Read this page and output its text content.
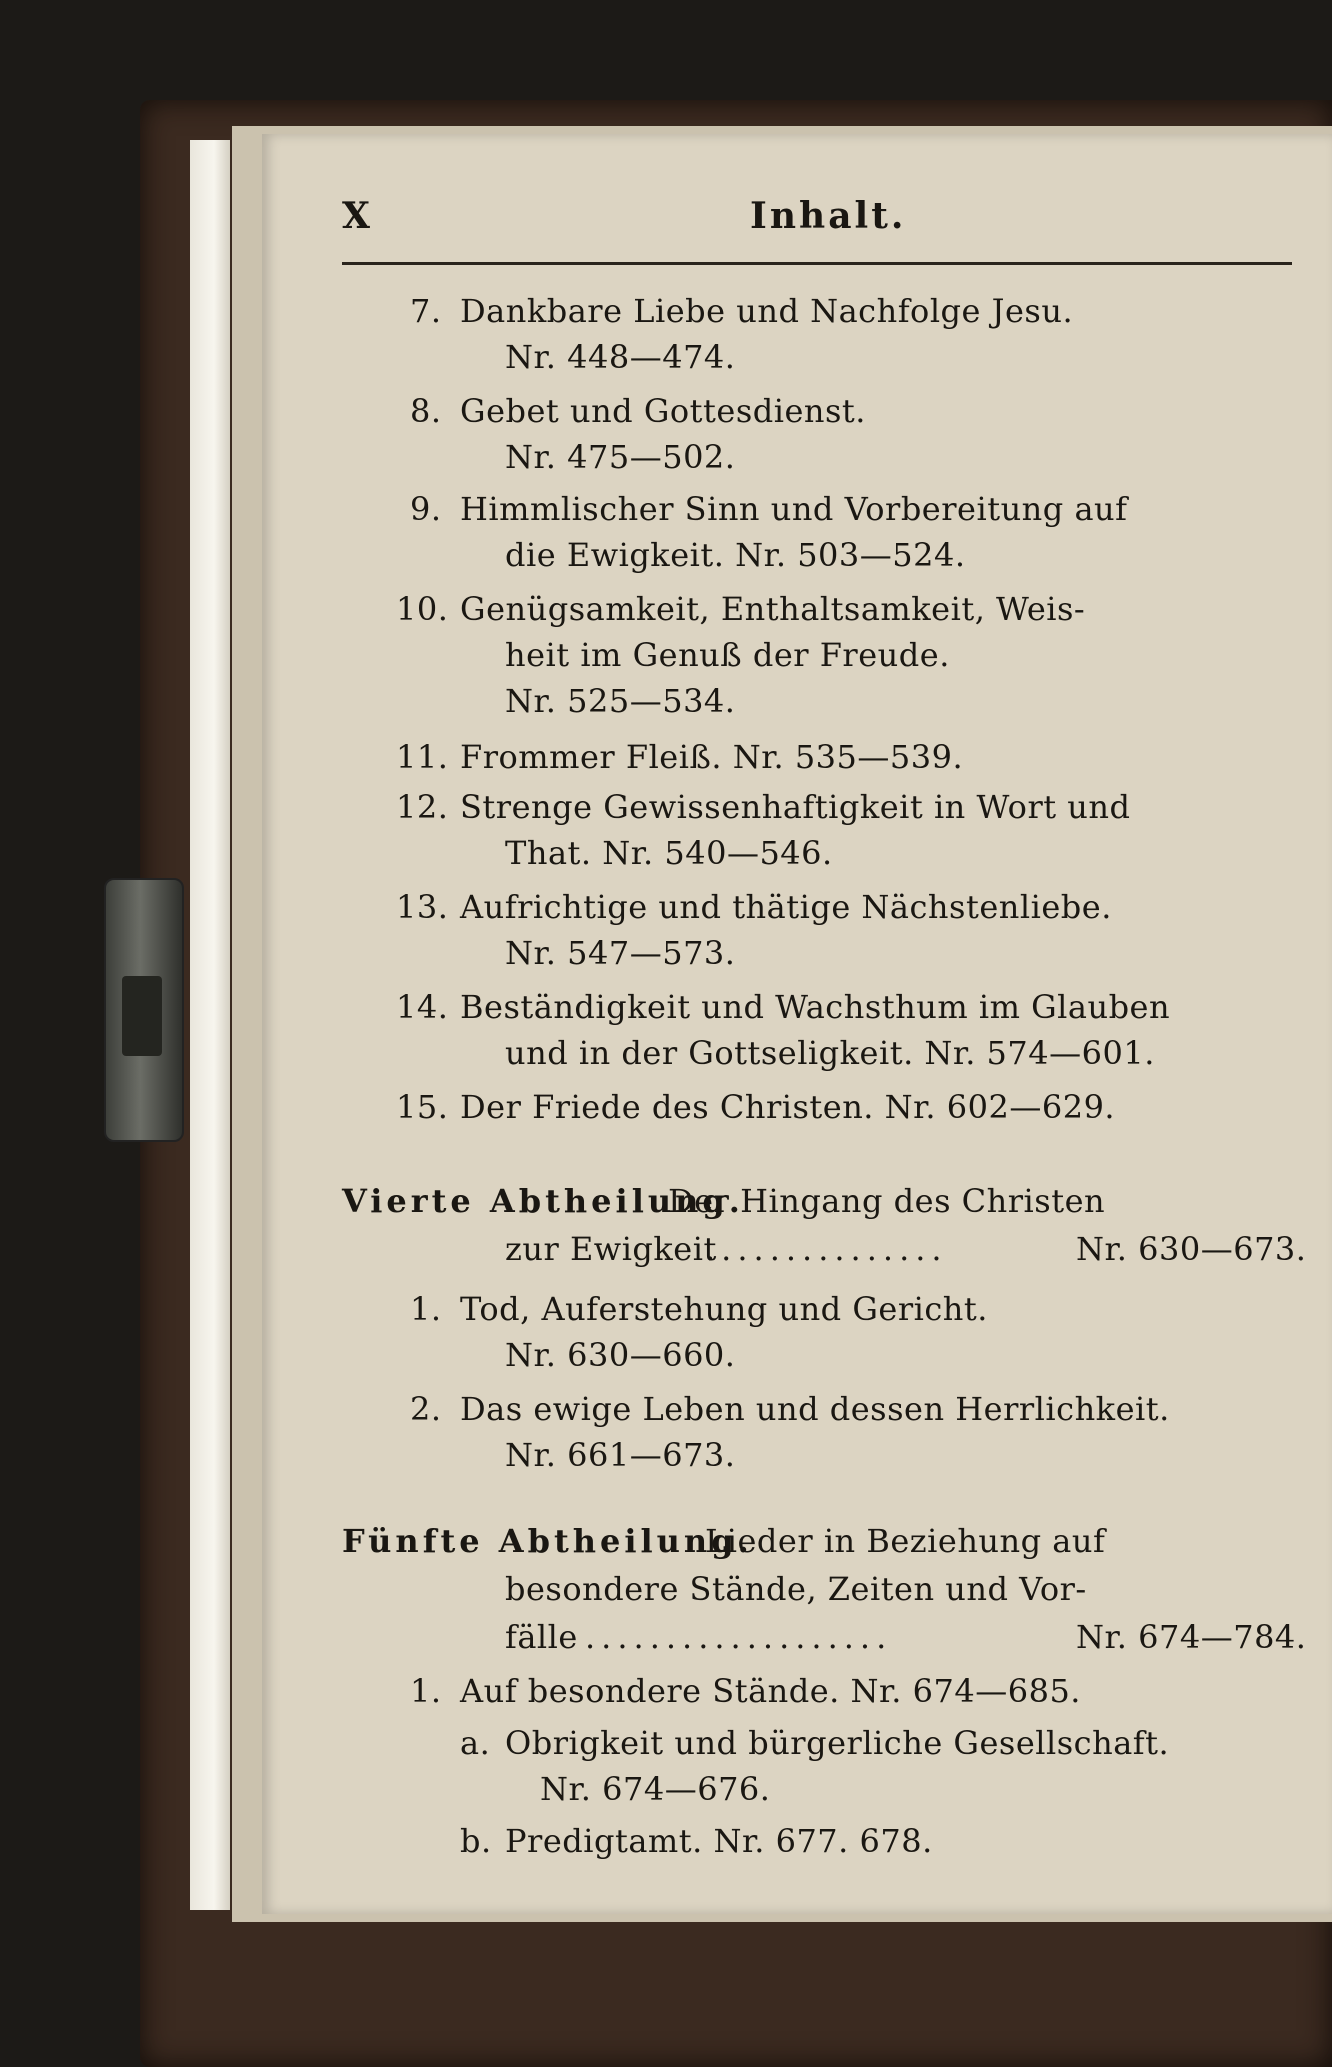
X	Inhalt.
7. Dankbare Liebe und Nachfolge Jesu.
Nr. 448—474.
8. Gebet und Gottesdienst.
Nr. 475—502.
9. Himmlischer Sinn und Vorbereitung auf
die Ewigkeit. Nr. 503—524.
10. Genügsamkeit, Enthaltsamkeit, Weis-
heit im Genuß der Freude.
Nr. 525—534.
11. Frommer Fleiß. Nr. 535—539.
12. Strenge Gewissenhaftigkeit in Wort und
That. Nr. 540—546.
13. Aufrichtige und thätige Nächstenliebe.
Nr. 547—573.
14. Beständigkeit und Wachsthum im Glauben
und in der Gottseligkeit. Nr. 574—601.
15. Der Friede des Christen. Nr. 602—629.
Vierte Abtheilung.
Der Hingang des Christen
zur Ewigkeit
...............	Nr. 630—673.
1. Tod, Auferstehung und Gericht.
Nr. 630—660.
2. Das ewige Leben und dessen Herrlichkeit.
Nr. 661—673.
Fünfte Abtheilung.
Lieder in Beziehung auf
besondere Stände, Zeiten und Vor-
fälle ...................	Nr. 674—784.
1. Auf besondere Stände. Nr. 674—685.
a. Obrigkeit und bürgerliche Gesellschaft.
Nr. 674—676.
b. Predigtamt. Nr. 677. 678.
